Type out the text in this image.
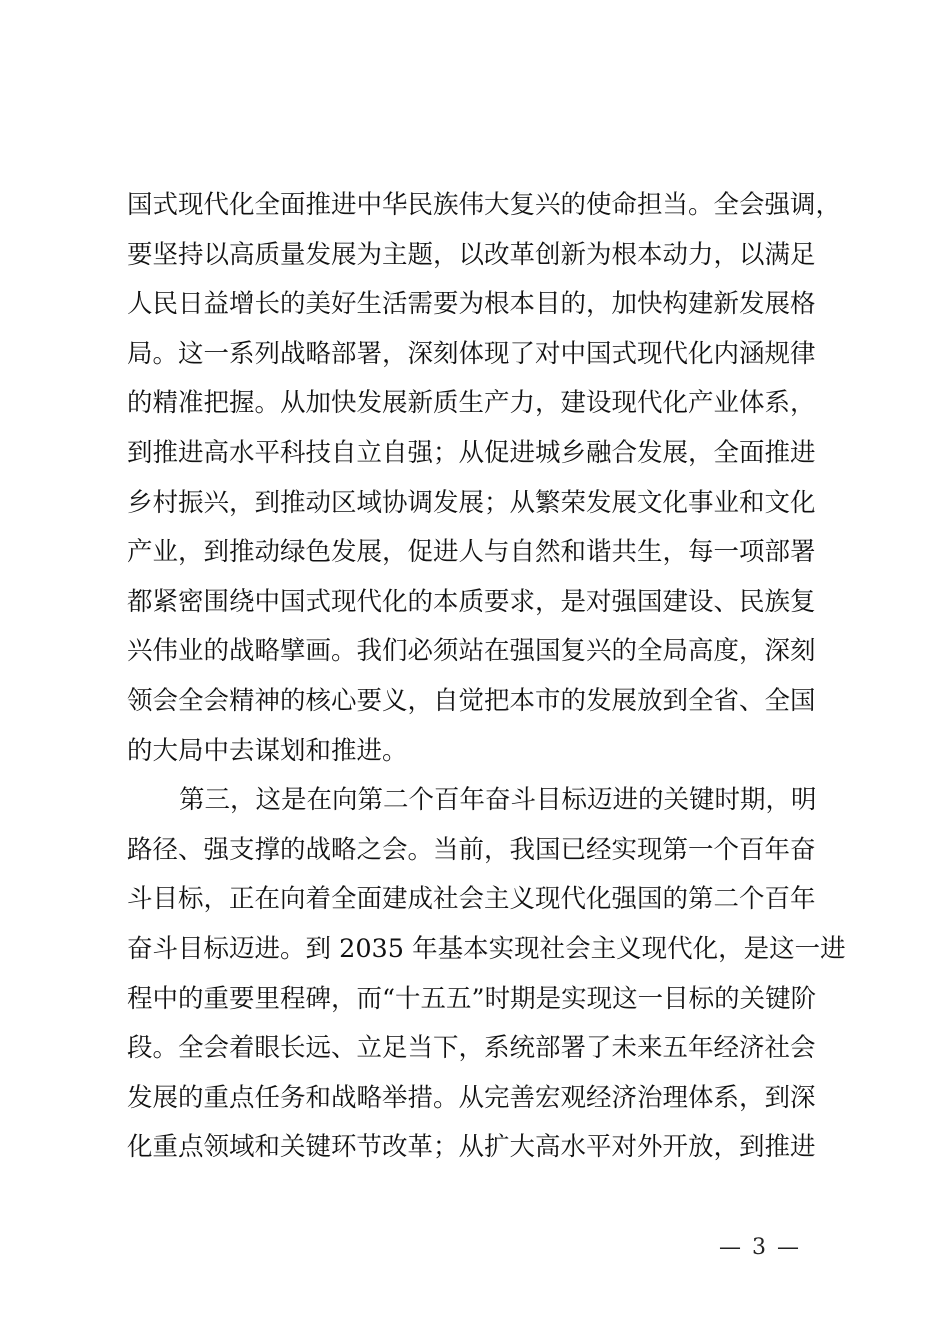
国式现代化全面推进中华民族伟大复兴的使命担当。全会强调，
要坚持以高质量发展为主题，以改革创新为根本动力，以满足
人民日益增长的美好生活需要为根本目的，加快构建新发展格
局。这一系列战略部署，深刻体现了对中国式现代化内涵规律
的精准把握。从加快发展新质生产力，建设现代化产业体系，
到推进高水平科技自立自强；从促进城乡融合发展，全面推进
乡村振兴，到推动区域协调发展；从繁荣发展文化事业和文化
产业，到推动绿色发展，促进人与自然和谐共生，每一项部署
都紧密围绕中国式现代化的本质要求，是对强国建设、民族复
兴伟业的战略擘画。我们必须站在强国复兴的全局高度，深刻
领会全会精神的核心要义，自觉把本市的发展放到全省、全国
的大局中去谋划和推进。
第三，这是在向第二个百年奋斗目标迈进的关键时期，明
路径、强支撑的战略之会。当前，我国已经实现第一个百年奋
斗目标，正在向着全面建成社会主义现代化强国的第二个百年
奋斗目标迈进。到 2035 年基本实现社会主义现代化，是这一进
程中的重要里程碑，而“十五五”时期是实现这一目标的关键阶
段。全会着眼长远、立足当下，系统部署了未来五年经济社会
发展的重点任务和战略举措。从完善宏观经济治理体系，到深
化重点领域和关键环节改革；从扩大高水平对外开放，到推进
— 3 —
